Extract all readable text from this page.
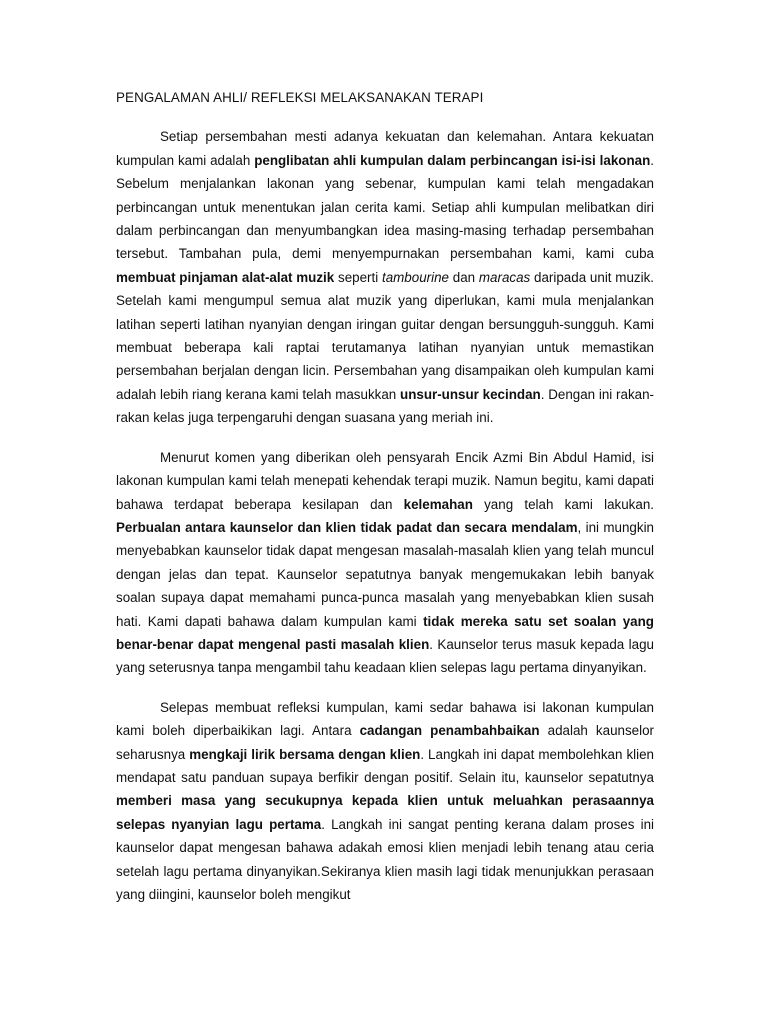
PENGALAMAN AHLI/ REFLEKSI MELAKSANAKAN TERAPI

Setiap persembahan mesti adanya kekuatan dan kelemahan. Antara kekuatan kumpulan kami adalah penglibatan ahli kumpulan dalam perbincangan isi-isi lakonan. Sebelum menjalankan lakonan yang sebenar, kumpulan kami telah mengadakan perbincangan untuk menentukan jalan cerita kami. Setiap ahli kumpulan melibatkan diri dalam perbincangan dan menyumbangkan idea masing-masing terhadap persembahan tersebut. Tambahan pula, demi menyempurnakan persembahan kami, kami cuba membuat pinjaman alat-alat muzik seperti tambourine dan maracas daripada unit muzik. Setelah kami mengumpul semua alat muzik yang diperlukan, kami mula menjalankan latihan seperti latihan nyanyian dengan iringan guitar dengan bersungguh-sungguh. Kami membuat beberapa kali raptai terutamanya latihan nyanyian untuk memastikan persembahan berjalan dengan licin. Persembahan yang disampaikan oleh kumpulan kami adalah lebih riang kerana kami telah masukkan unsur-unsur kecindan. Dengan ini rakan-rakan kelas juga terpengaruhi dengan suasana yang meriah ini.

Menurut komen yang diberikan oleh pensyarah Encik Azmi Bin Abdul Hamid, isi lakonan kumpulan kami telah menepati kehendak terapi muzik. Namun begitu, kami dapati bahawa terdapat beberapa kesilapan dan kelemahan yang telah kami lakukan. Perbualan antara kaunselor dan klien tidak padat dan secara mendalam, ini mungkin menyebabkan kaunselor tidak dapat mengesan masalah-masalah klien yang telah muncul dengan jelas dan tepat. Kaunselor sepatutnya banyak mengemukakan lebih banyak soalan supaya dapat memahami punca-punca masalah yang menyebabkan klien susah hati. Kami dapati bahawa dalam kumpulan kami tidak mereka satu set soalan yang benar-benar dapat mengenal pasti masalah klien. Kaunselor terus masuk kepada lagu yang seterusnya tanpa mengambil tahu keadaan klien selepas lagu pertama dinyanyikan.

Selepas membuat refleksi kumpulan, kami sedar bahawa isi lakonan kumpulan kami boleh diperbaikikan lagi. Antara cadangan penambahbaikan adalah kaunselor seharusnya mengkaji lirik bersama dengan klien. Langkah ini dapat membolehkan klien mendapat satu panduan supaya berfikir dengan positif. Selain itu, kaunselor sepatutnya memberi masa yang secukupnya kepada klien untuk meluahkan perasaannya selepas nyanyian lagu pertama. Langkah ini sangat penting kerana dalam proses ini kaunselor dapat mengesan bahawa adakah emosi klien menjadi lebih tenang atau ceria setelah lagu pertama dinyanyikan.Sekiranya klien masih lagi tidak menunjukkan perasaan yang diingini, kaunselor boleh mengikut
